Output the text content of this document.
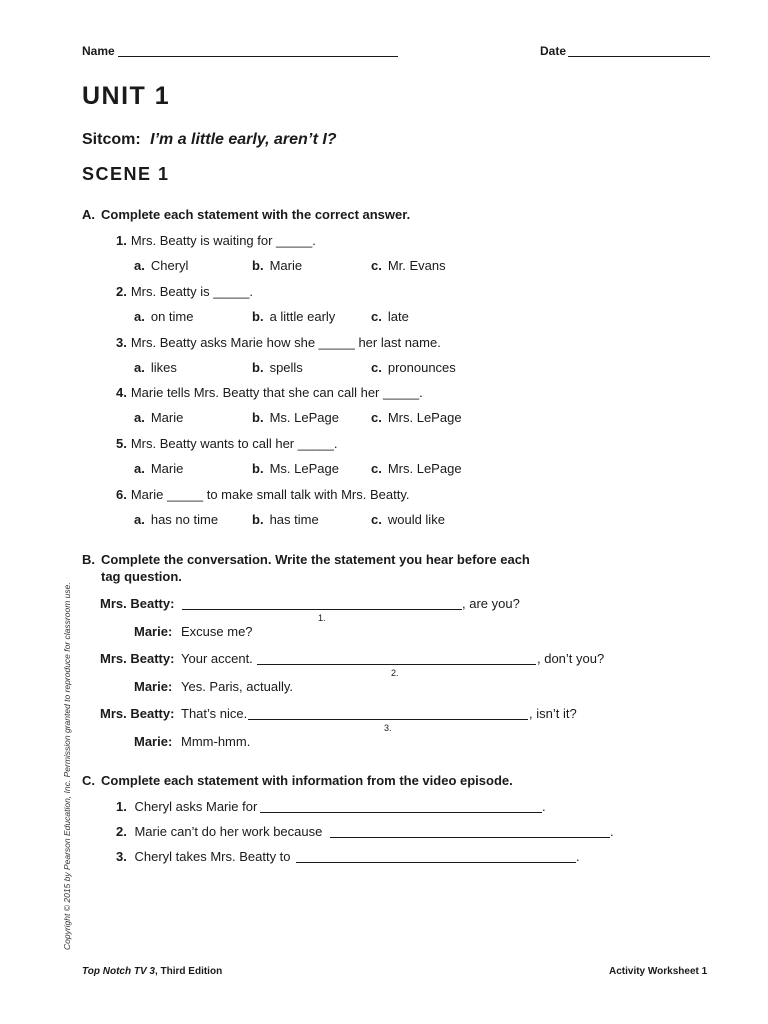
Name	Date
UNIT 1
Sitcom: I’m a little early, aren’t I?
SCENE 1
A. Complete each statement with the correct answer.
1. Mrs. Beatty is waiting for _____.
a. Cheryl	b. Marie	c. Mr. Evans
2. Mrs. Beatty is _____.
a. on time	b. a little early	c. late
3. Mrs. Beatty asks Marie how she _____ her last name.
a. likes	b. spells	c. pronounces
4. Marie tells Mrs. Beatty that she can call her _____.
a. Marie	b. Ms. LePage c. Mrs. LePage
5. Mrs. Beatty wants to call her _____.
a. Marie	b. Ms. LePage c. Mrs. LePage
6. Marie _____ to make small talk with Mrs. Beatty.
a. has no time	b. has time	c. would like
B. Complete the conversation. Write the statement you hear before each
tag question.
Mrs. Beatty:	, are you?
1.
Marie: Excuse me?
Mrs. Beatty: Your accent.	, don’t you?
2.
Marie: Yes. Paris, actually.
Mrs. Beatty: That’s nice.	, isn’t it?
3.
Marie: Mmm-hmm.
C. Complete each statement with information from the video episode.
1. Cheryl asks Marie for	.
2. Marie can’t do her work because	.
3. Cheryl takes Mrs. Beatty to	.
Copyright © 2015 by Pearson Education, Inc. Permission granted to reproduce for classroom use.
Top Notch TV 3, Third Edition	Activity Worksheet 1
